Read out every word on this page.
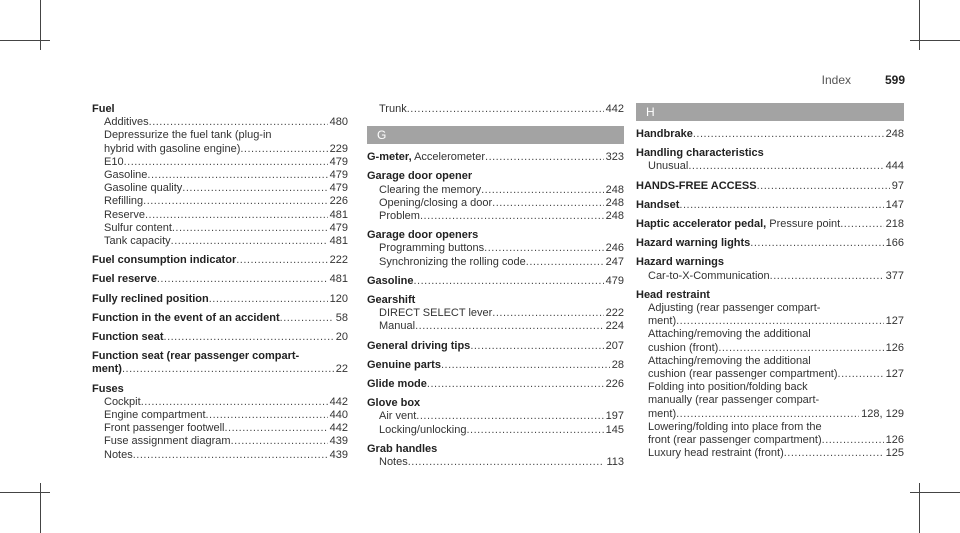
Index	599
Fuel
Additives .....	480
Depressurize the fuel tank (plug-in
hybrid with gasoline engine) .....	229
E10 .....	479
Gasoline .....	479
Gasoline quality .....	479
Refilling .....	226
Reserve .....	481
Sulfur content .....	479
Tank capacity .....	481
Fuel consumption indicator .....	222
Fuel reserve .....	481
Fully reclined position .....	120
Function in the event of an accident .....	58
Function seat .....	20
Function seat (rear passenger compart-
ment) .....	22
Fuses
Cockpit .....	442
Engine compartment .....	440
Front passenger footwell .....	442
Fuse assignment diagram .....	439
Notes .....	439
Trunk .....	442
G
G-meter, Accelerometer .....	323
Garage door opener
Clearing the memory .....	248
Opening/closing a door .....	248
Problem .....	248
Garage door openers
Programming buttons .....	246
Synchronizing the rolling code .....	247
Gasoline .....	479
Gearshift
DIRECT SELECT lever .....	222
Manual .....	224
General driving tips .....	207
Genuine parts .....	28
Glide mode .....	226
Glove box
Air vent .....	197
Locking/unlocking .....	145
Grab handles
Notes .....	113
H
Handbrake .....	248
Handling characteristics
Unusual .....	444
HANDS-FREE ACCESS .....	97
Handset .....	147
Haptic accelerator pedal, Pressure point .....	218
Hazard warning lights .....	166
Hazard warnings
Car-to-X-Communication .....	377
Head restraint
Adjusting (rear passenger compart-
ment) .....	127
Attaching/removing the additional
cushion (front) .....	126
Attaching/removing the additional
cushion (rear passenger compartment) .....	127
Folding into position/folding back
manually (rear passenger compart-
ment) .....	128, 129
Lowering/folding into place from the
front (rear passenger compartment) .....	126
Luxury head restraint (front) .....	125
